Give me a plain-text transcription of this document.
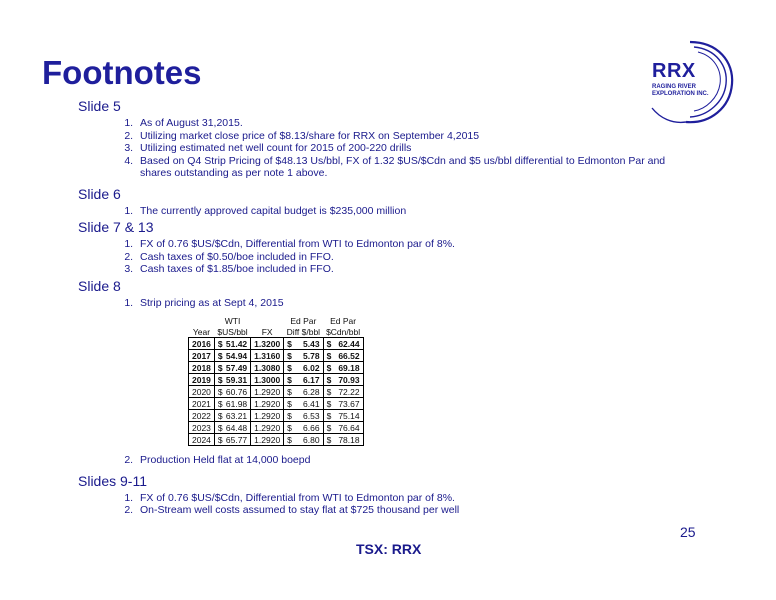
Footnotes	RRX
RAGING RIVER
EXPLORATION INC.
Slide 5
1. As of August 31,2015.
2. Utilizing market close price of $8.13/share for RRX on September 4,2015
3. Utilizing estimated net well count for 2015 of 200-220 drills
4. Based on Q4 Strip Pricing of $48.13 Us/bbl, FX of 1.32 $US/$Cdn and $5 us/bbl differential to Edmonton Par and shares outstanding as per note 1 above.
Slide 6
1. The currently approved capital budget is $235,000 million
Slide 7 & 13
1. FX of 0.76 $US/$Cdn, Differential from WTI to Edmonton par of 8%.
2. Cash taxes of $0.50/boe included in FFO.
3. Cash taxes of $1.85/boe included in FFO.
Slide 8
1. Strip pricing as at Sept 4, 2015
	WTI			Ed Par		Ed Par	
Year	$US/bbl		FX	Diff $/bbl		$Cdn/bbl	
2016	$	51.42	1.3200	$	5.43	$	62.44
2017	$	54.94	1.3160	$	5.78	$	66.52
2018	$	57.49	1.3080	$	6.02	$	69.18
2019	$	59.31	1.3000	$	6.17	$	70.93
2020	$	60.76	1.2920	$	6.28	$	72.22
2021	$	61.98	1.2920	$	6.41	$	73.67
2022	$	63.21	1.2920	$	6.53	$	75.14
2023	$	64.48	1.2920	$	6.66	$	76.64
2024	$	65.77	1.2920	$	6.80	$	78.18
2. Production Held flat at 14,000 boepd
Slides 9-11
1. FX of 0.76 $US/$Cdn, Differential from WTI to Edmonton par of 8%.
2. On-Stream well costs assumed to stay flat at $725 thousand per well
25
TSX: RRX
